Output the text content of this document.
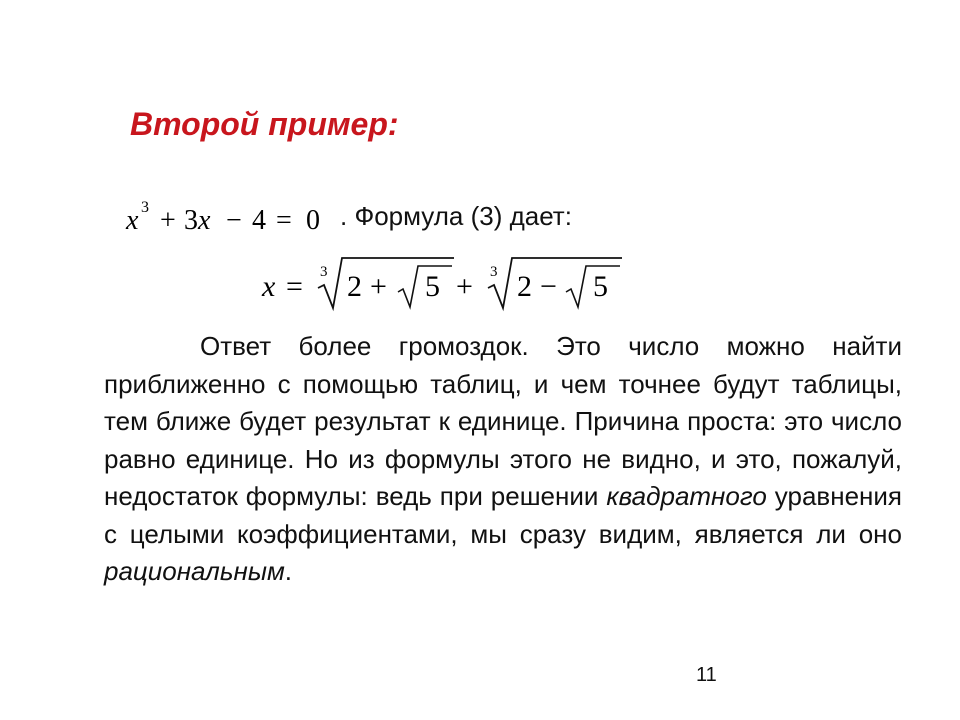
Второй пример:
x 3 + 3x − 4 = 0 . Формула (3) дает:
x = 3 2 + 5 + 3 2 − 5

Ответ более громоздок. Это число можно найти приближенно с помощью таблиц, и чем точнее будут таблицы, тем ближе будет результат к единице. Причина проста: это число равно единице. Но из формулы этого не видно, и это, пожалуй, недостаток формулы: ведь при решении квадратного уравнения с целыми коэффициентами, мы сразу видим, является ли оно рациональным.

11
